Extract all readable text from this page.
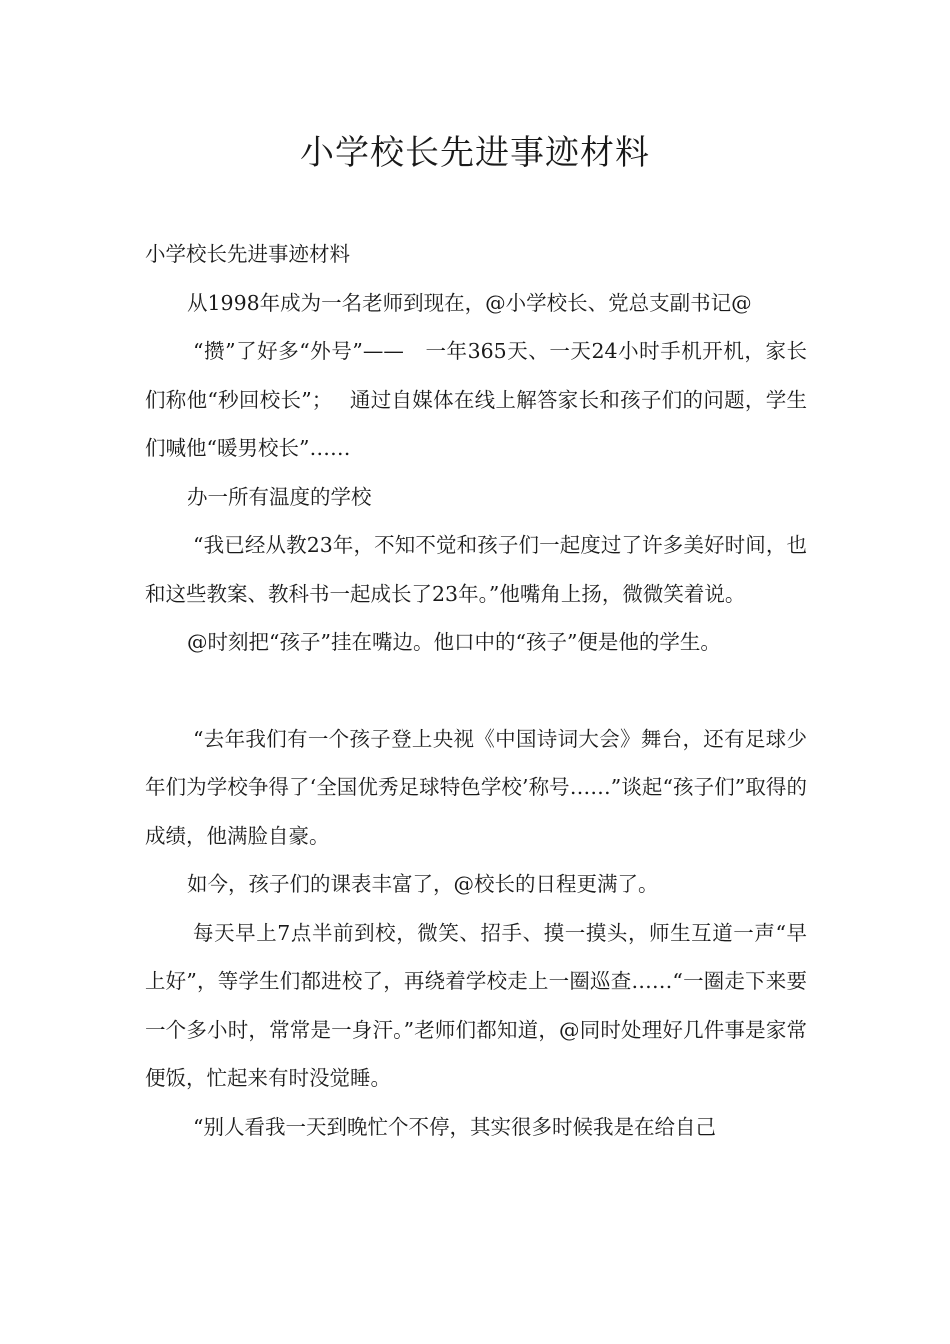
小学校长先进事迹材料

小学校长先进事迹材料

从1998年成为一名老师到现在，@小学校长、党总支副书记@

“攒”了好多“外号”——　一年365天、一天24小时手机开机，家长们称他“秒回校长”；　 通过自媒体在线上解答家长和孩子们的问题，学生们喊他“暖男校长”……

办一所有温度的学校

“我已经从教23年，不知不觉和孩子们一起度过了许多美好时间，也和这些教案、教科书一起成长了23年。”他嘴角上扬，微微笑着说。

@时刻把“孩子”挂在嘴边。他口中的“孩子”便是他的学生。

“去年我们有一个孩子登上央视《中国诗词大会》舞台，还有足球少年们为学校争得了‘全国优秀足球特色学校’称号……”谈起“孩子们”取得的成绩，他满脸自豪。

如今，孩子们的课表丰富了，@校长的日程更满了。

每天早上7点半前到校，微笑、招手、摸一摸头，师生互道一声“早上好”，等学生们都进校了，再绕着学校走上一圈巡查……“一圈走下来要一个多小时，常常是一身汗。”老师们都知道，@同时处理好几件事是家常便饭，忙起来有时没觉睡。

“别人看我一天到晚忙个不停，其实很多时候我是在给自己
